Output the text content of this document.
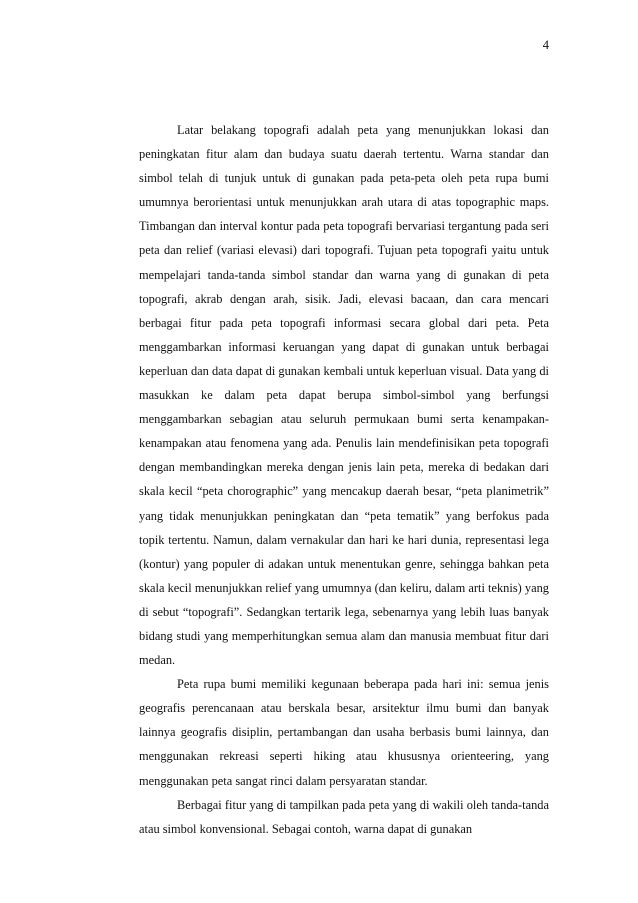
4

Latar belakang topografi adalah peta yang menunjukkan lokasi dan peningkatan fitur alam dan budaya suatu daerah tertentu. Warna standar dan simbol telah di tunjuk untuk di gunakan pada peta-peta oleh peta rupa bumi umumnya berorientasi untuk menunjukkan arah utara di atas topographic maps. Timbangan dan interval kontur pada peta topografi bervariasi tergantung pada seri peta dan relief (variasi elevasi) dari topografi. Tujuan peta topografi yaitu untuk mempelajari tanda-tanda simbol standar dan warna yang di gunakan di peta topografi, akrab dengan arah, sisik. Jadi, elevasi bacaan, dan cara mencari berbagai fitur pada peta topografi informasi secara global dari peta. Peta menggambarkan informasi keruangan yang dapat di gunakan untuk berbagai keperluan dan data dapat di gunakan kembali untuk keperluan visual. Data yang di masukkan ke dalam peta dapat berupa simbol-simbol yang berfungsi menggambarkan sebagian atau seluruh permukaan bumi serta kenampakan-kenampakan atau fenomena yang ada. Penulis lain mendefinisikan peta topografi dengan membandingkan mereka dengan jenis lain peta, mereka di bedakan dari skala kecil “peta chorographic” yang mencakup daerah besar, “peta planimetrik” yang tidak menunjukkan peningkatan dan “peta tematik” yang berfokus pada topik tertentu. Namun, dalam vernakular dan hari ke hari dunia, representasi lega (kontur) yang populer di adakan untuk menentukan genre, sehingga bahkan peta skala kecil menunjukkan relief yang umumnya (dan keliru, dalam arti teknis) yang di sebut “topografi”. Sedangkan tertarik lega, sebenarnya yang lebih luas banyak bidang studi yang memperhitungkan semua alam dan manusia membuat fitur dari medan.

Peta rupa bumi memiliki kegunaan beberapa pada hari ini: semua jenis geografis perencanaan atau berskala besar, arsitektur ilmu bumi dan banyak lainnya geografis disiplin, pertambangan dan usaha berbasis bumi lainnya, dan menggunakan rekreasi seperti hiking atau khususnya orienteering, yang menggunakan peta sangat rinci dalam persyaratan standar.

Berbagai fitur yang di tampilkan pada peta yang di wakili oleh tanda-tanda atau simbol konvensional. Sebagai contoh, warna dapat di gunakan
